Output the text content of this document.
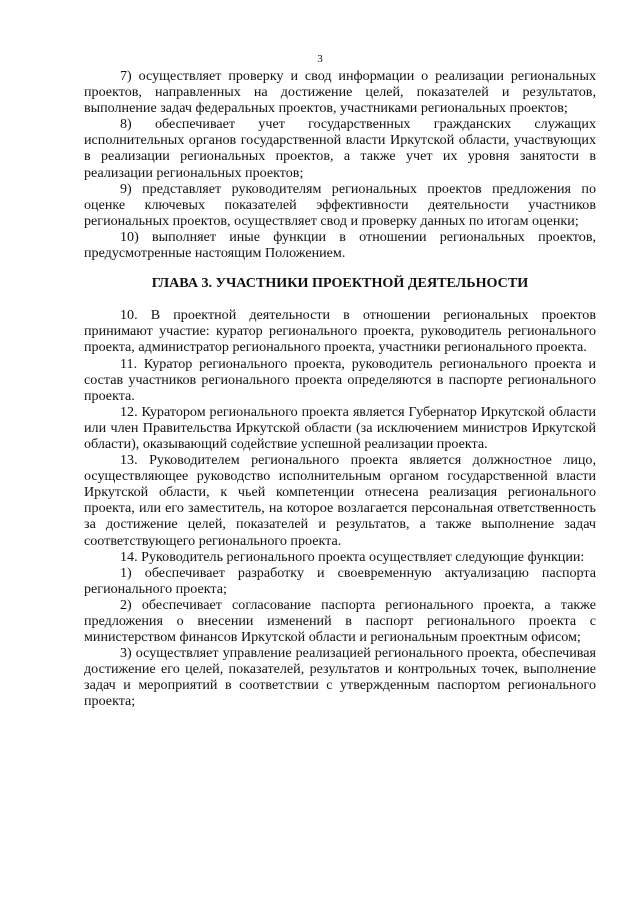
3

7) осуществляет проверку и свод информации о реализации региональных проектов, направленных на достижение целей, показателей и результатов, выполнение задач федеральных проектов, участниками региональных проектов;

8) обеспечивает учет государственных гражданских служащих исполнительных органов государственной власти Иркутской области, участвующих в реализации региональных проектов, а также учет их уровня занятости в реализации региональных проектов;

9) представляет руководителям региональных проектов предложения по оценке ключевых показателей эффективности деятельности участников региональных проектов, осуществляет свод и проверку данных по итогам оценки;

10) выполняет иные функции в отношении региональных проектов, предусмотренные настоящим Положением.

ГЛАВА 3. УЧАСТНИКИ ПРОЕКТНОЙ ДЕЯТЕЛЬНОСТИ

10. В проектной деятельности в отношении региональных проектов принимают участие: куратор регионального проекта, руководитель регионального проекта, администратор регионального проекта, участники регионального проекта.

11. Куратор регионального проекта, руководитель регионального проекта и состав участников регионального проекта определяются в паспорте регионального проекта.

12. Куратором регионального проекта является Губернатор Иркутской области или член Правительства Иркутской области (за исключением министров Иркутской области), оказывающий содействие успешной реализации проекта.

13. Руководителем регионального проекта является должностное лицо, осуществляющее руководство исполнительным органом государственной власти Иркутской области, к чьей компетенции отнесена реализация регионального проекта, или его заместитель, на которое возлагается персональная ответственность за достижение целей, показателей и результатов, а также выполнение задач соответствующего регионального проекта.

14. Руководитель регионального проекта осуществляет следующие функции:

1) обеспечивает разработку и своевременную актуализацию паспорта регионального проекта;

2) обеспечивает согласование паспорта регионального проекта, а также предложения о внесении изменений в паспорт регионального проекта с министерством финансов Иркутской области и региональным проектным офисом;

3) осуществляет управление реализацией регионального проекта, обеспечивая достижение его целей, показателей, результатов и контрольных точек, выполнение задач и мероприятий в соответствии с утвержденным паспортом регионального проекта;
